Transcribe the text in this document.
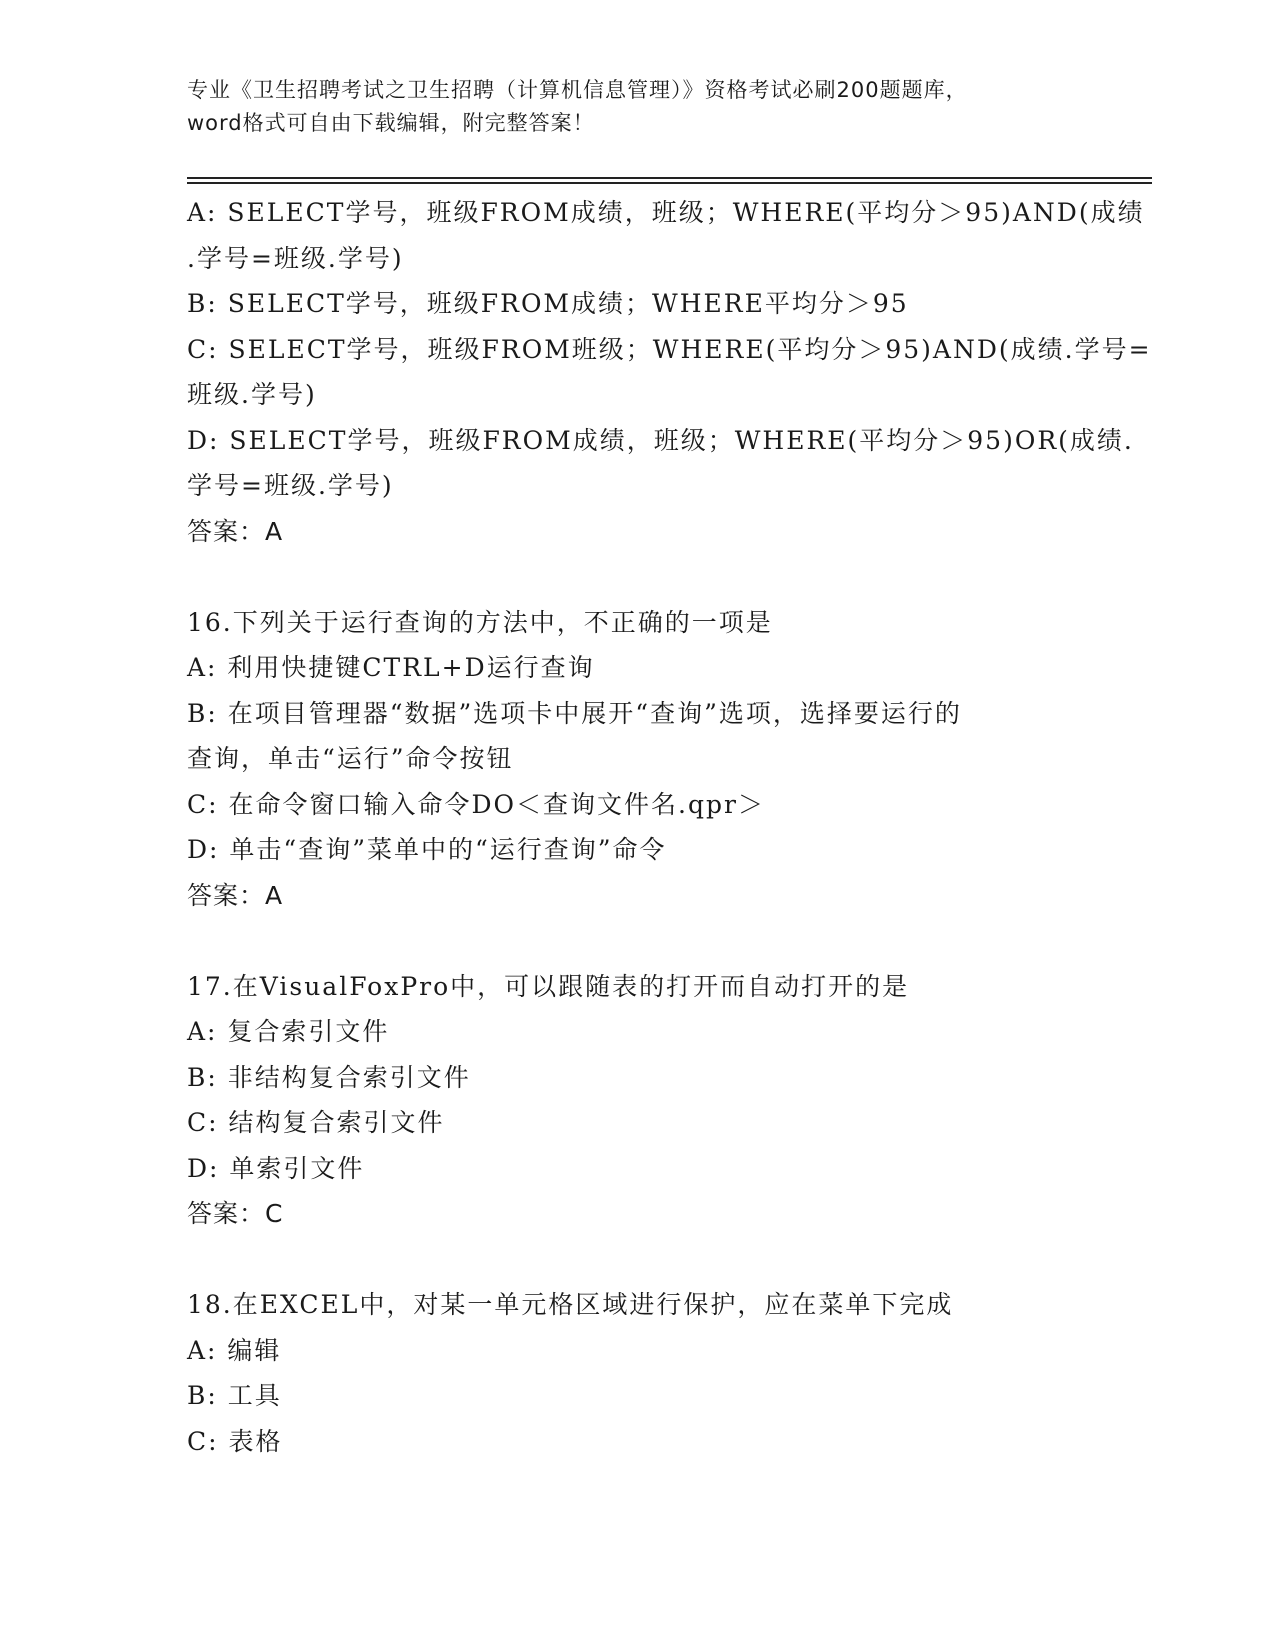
专业《卫生招聘考试之卫生招聘（计算机信息管理）》资格考试必刷200题题库，
word格式可自由下载编辑，附完整答案！
A: SELECT学号，班级FROM成绩，班级；WHERE(平均分＞95)AND(成绩
.学号=班级.学号)
B: SELECT学号，班级FROM成绩；WHERE平均分＞95
C: SELECT学号，班级FROM班级；WHERE(平均分＞95)AND(成绩.学号=
班级.学号)
D: SELECT学号，班级FROM成绩，班级；WHERE(平均分＞95)OR(成绩.
学号=班级.学号)
答案：A
16.下列关于运行查询的方法中，不正确的一项是
A: 利用快捷键CTRL+D运行查询
B: 在项目管理器“数据”选项卡中展开“查询”选项，选择要运行的
查询，单击“运行”命令按钮
C: 在命令窗口输入命令DO＜查询文件名.qpr＞
D: 单击“查询”菜单中的“运行查询”命令
答案：A
17.在VisualFoxPro中，可以跟随表的打开而自动打开的是
A: 复合索引文件
B: 非结构复合索引文件
C: 结构复合索引文件
D: 单索引文件
答案：C
18.在EXCEL中，对某一单元格区域进行保护，应在菜单下完成
A: 编辑
B: 工具
C: 表格
